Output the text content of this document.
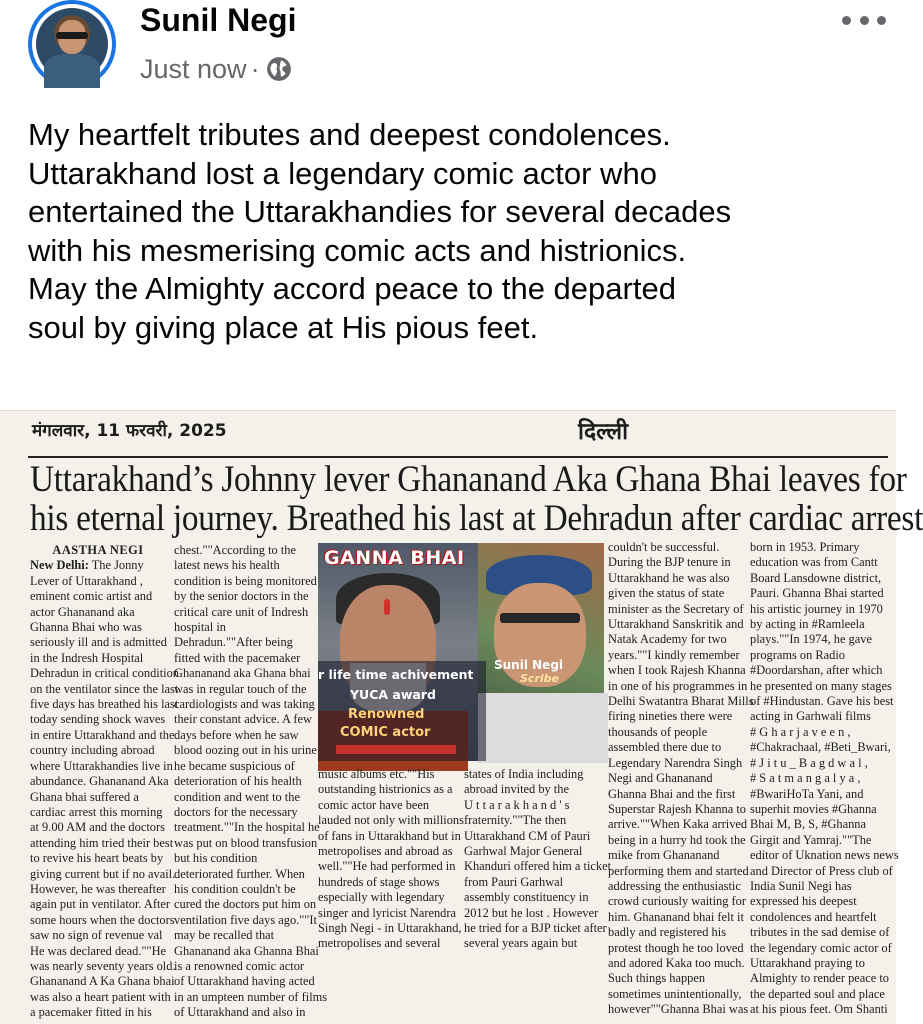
Sunil Negi
Just now ·

My heartfelt tributes and deepest condolences.

Uttarakhand lost a legendary comic actor who

entertained the Uttarakhandies for several decades

with his mesmerising comic acts and histrionics.

May the Almighty accord peace to the departed

soul by giving place at His pious feet.

मंगलवार, 11 फरवरी, 2025	दिल्ली
Uttarakhand’s Johnny lever Ghananand Aka Ghana Bhai leaves for
his eternal journey. Breathed his last at Dehradun after cardiac arrest

AASTHA NEGI

New Delhi: The Jonny

Lever of Uttarakhand ,

eminent comic artist and

actor Ghananand aka

Ghanna Bhai who was

seriously ill and is admitted

in the Indresh Hospital

Dehradun in critical condition

on the ventilator since the last

five days has breathed his last

today sending shock waves

in entire Uttarakhand and the

country including abroad

where Uttarakhandies live in

abundance. Ghananand Aka

Ghana bhai suffered a

cardiac arrest this morning

at 9.00 AM and the doctors

attending him tried their best

to revive his heart beats by

giving current but if no avail.

However, he was thereafter

again put in ventilator. After

some hours when the doctors

saw no sign of revenue val

He was declared dead.""He

was nearly seventy years old.

Ghananand A Ka Ghana bhai

was also a heart patient with

a pacemaker fitted in his

chest.""According to the

latest news his health

condition is being monitored

by the senior doctors in the

critical care unit of Indresh

hospital in

Dehradun.""After being

fitted with the pacemaker

Ghananand aka Ghana bhai

was in regular touch of the

cardiologists and was taking

their constant advice. A few

days before when he saw

blood oozing out in his urine

he became suspicious of

deterioration of his health

condition and went to the

doctors for the necessary

treatment.""In the hospital he

was put on blood transfusion

but his condition

deteriorated further. When

his condition couldn't be

cured the doctors put him on

ventilation five days ago.""It

may be recalled that

Ghananand aka Ghanna Bhai

is a renowned comic actor

of Uttarakhand having acted

in an umpteen number of films

of Uttarakhand and also in

GANNA BHAI
Sunil Negi
Scribe
r life time achivement
YUCA award
Renowned
COMIC actor

music albums etc.""His

outstanding histrionics as a

comic actor have been

lauded not only with millions

of fans in Uttarakhand but in

metropolises and abroad as

well.""He had performed in

hundreds of stage shows

especially with legendary

singer and lyricist Narendra

Singh Negi - in Uttarakhand,

metropolises and several

states of India including

abroad invited by the

U t t a r a k h a n d ' s

fraternity.""The then

Uttarakhand CM of Pauri

Garhwal Major General

Khanduri offered him a ticket

from Pauri Garhwal

assembly constituency in

2012 but he lost . However

he tried for a BJP ticket after

several years again but

couldn't be successful.

During the BJP tenure in

Uttarakhand he was also

given the status of state

minister as the Secretary of

Uttarakhand Sanskritik and

Natak Academy for two

years.""I kindly remember

when I took Rajesh Khanna

in one of his programmes in

Delhi Swatantra Bharat Mills

firing nineties there were

thousands of people

assembled there due to

Legendary Narendra Singh

Negi and Ghananand

Ghanna Bhai and the first

Superstar Rajesh Khanna to

arrive.""When Kaka arrived

being in a hurry hd took the

mike from Ghananand

performing them and started

addressing the enthusiastic

crowd curiously waiting for

him. Ghananand bhai felt it

badly and registered his

protest though he too loved

and adored Kaka too much.

Such things happen

sometimes unintentionally,

however""Ghanna Bhai was

born in 1953. Primary

education was from Cantt

Board Lansdowne district,

Pauri. Ghanna Bhai started

his artistic journey in 1970

by acting in #Ramleela

plays.""In 1974, he gave

programs on Radio

#Doordarshan, after which

he presented on many stages

of #Hindustan. Gave his best

acting in Garhwali films

# G h a r j a v e e n ,

#Chakrachaal, #Beti_Bwari,

# J i t u _ B a g d w a l ,

# S a t m a n g a l y a ,

#BwariHoTa Yani, and

superhit movies #Ghanna

Bhai M, B, S, #Ghanna

Girgit and Yamraj.""The

editor of Uknation news news

and Director of Press club of

India Sunil Negi has

expressed his deepest

condolences and heartfelt

tributes in the sad demise of

the legendary comic actor of

Uttarakhand praying to

Almighty to render peace to

the departed soul and place

at his pious feet. Om Shanti
